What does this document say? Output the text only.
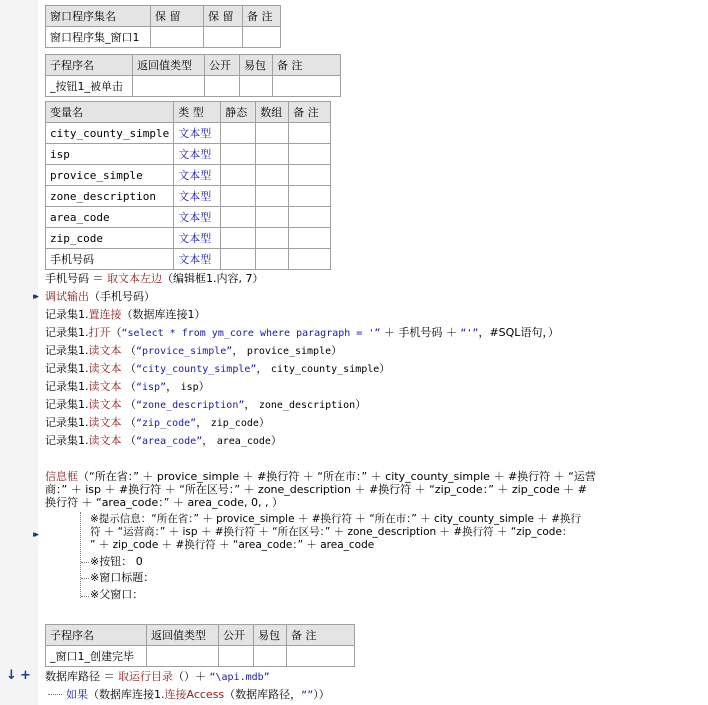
窗口程序集名	保 留	保 留	备 注
窗口程序集_窗口1			
子程序名	返回值类型	公开	易包	备 注
_按钮1_被单击				
变量名	类 型	静态	数组	备 注
city_county_simple	文本型			
isp	文本型			
provice_simple	文本型			
zone_description	文本型			
area_code	文本型			
zip_code	文本型			
手机号码	文本型			
手机号码 ＝ 取文本左边（编辑框1.内容, 7）
▸▸ 调试输出（手机号码）
记录集1.置连接（数据库连接1）
记录集1.打开（“select * from ym_core where paragraph = '” ＋ 手机号码 ＋ “'”，#SQL语句，）
记录集1.读文本 （“provice_simple”， provice_simple）
记录集1.读文本 （“city_county_simple”， city_county_simple）
记录集1.读文本 （“isp”， isp）
记录集1.读文本 （“zone_description”， zone_description）
记录集1.读文本 （“zip_code”， zip_code）
记录集1.读文本 （“area_code”， area_code）
信息框（“所在省：” ＋ provice_simple ＋ #换行符 ＋ “所在市：” ＋ city_county_simple ＋ #换行符 ＋ “运营
商：” ＋ isp ＋ #换行符 ＋ “所在区号：” ＋ zone_description ＋ #换行符 ＋ “zip_code：” ＋ zip_code ＋ #
换行符 ＋ “area_code：” ＋ area_code, 0, , ）
▸▸
※提示信息：“所在省：” ＋ provice_simple ＋ #换行符 ＋ “所在市：” ＋ city_county_simple ＋ #换行
符 ＋ “运营商：” ＋ isp ＋ #换行符 ＋ “所在区号：” ＋ zone_description ＋ #换行符 ＋ “zip_code：
” ＋ zip_code ＋ #换行符 ＋ “area_code：” ＋ area_code
※按钮： 0
※窗口标题：
※父窗口：
子程序名	返回值类型	公开	易包	备 注
_窗口1_创建完毕				
↓ + 数据库路径 ＝ 取运行目录（）＋ “\api.mdb”
如果（数据库连接1.连接Access（数据库路径，“”））
